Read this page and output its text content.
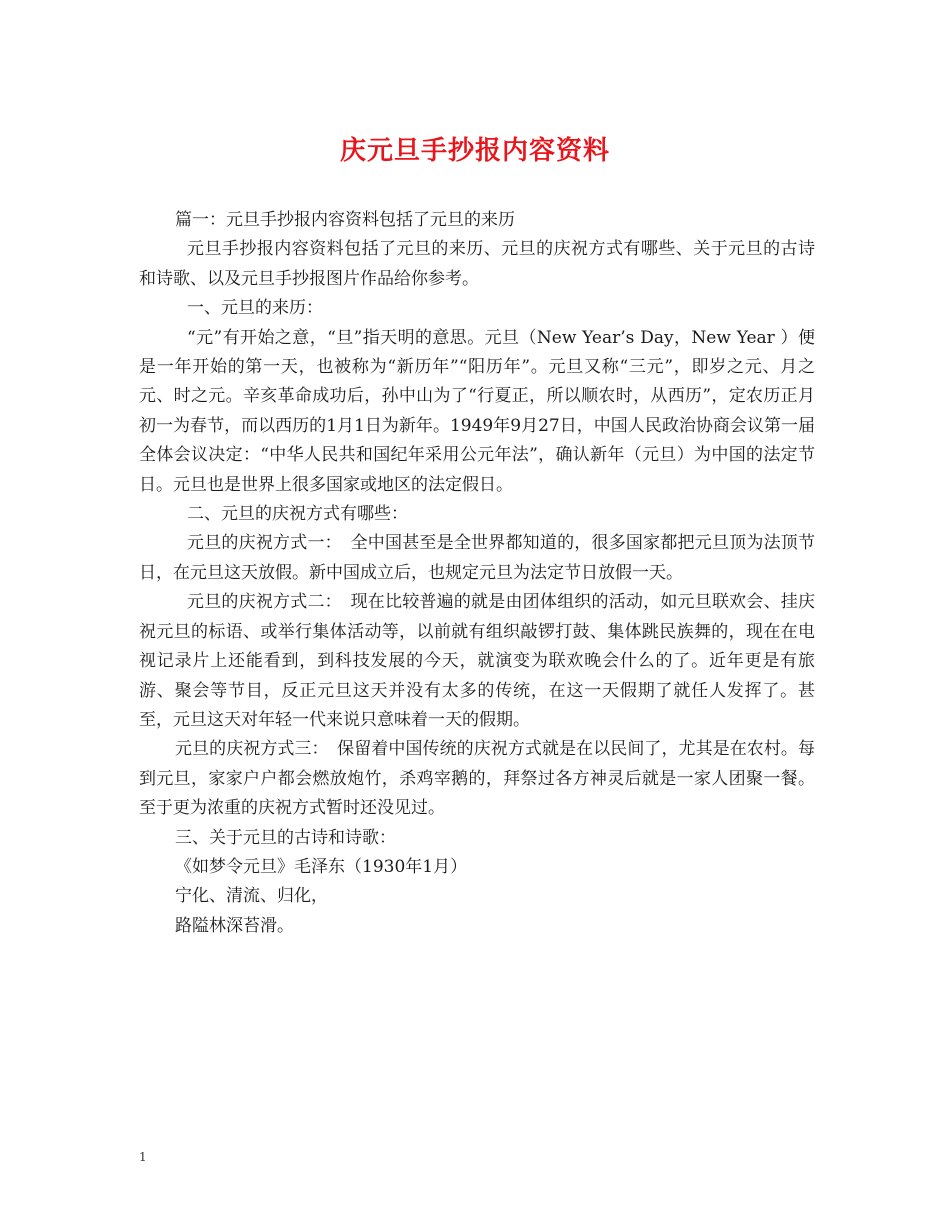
庆元旦手抄报内容资料

篇一：元旦手抄报内容资料包括了元旦的来历

元旦手抄报内容资料包括了元旦的来历、元旦的庆祝方式有哪些、关于元旦的古诗和诗歌、以及元旦手抄报图片作品给你参考。

一、元旦的来历：

“元”有开始之意，“旦”指天明的意思。元旦（New Year’s Day，New Year ）便是一年开始的第一天，也被称为“新历年”“阳历年”。元旦又称“三元”，即岁之元、月之元、时之元。辛亥革命成功后，孙中山为了“行夏正，所以顺农时，从西历”，定农历正月初一为春节，而以西历的1月1日为新年。1949年9月27日，中国人民政治协商会议第一届全体会议决定：“中华人民共和国纪年采用公元年法”，确认新年（元旦）为中国的法定节日。元旦也是世界上很多国家或地区的法定假日。

二、元旦的庆祝方式有哪些：

元旦的庆祝方式一：　全中国甚至是全世界都知道的，很多国家都把元旦顶为法顶节日，在元旦这天放假。新中国成立后，也规定元旦为法定节日放假一天。

元旦的庆祝方式二：　现在比较普遍的就是由团体组织的活动，如元旦联欢会、挂庆祝元旦的标语、或举行集体活动等，以前就有组织敲锣打鼓、集体跳民族舞的，现在在电视记录片上还能看到，到科技发展的今天，就演变为联欢晚会什么的了。近年更是有旅游、聚会等节目，反正元旦这天并没有太多的传统，在这一天假期了就任人发挥了。甚至，元旦这天对年轻一代来说只意味着一天的假期。

元旦的庆祝方式三：　保留着中国传统的庆祝方式就是在以民间了，尤其是在农村。每到元旦，家家户户都会燃放炮竹，杀鸡宰鹅的，拜祭过各方神灵后就是一家人团聚一餐。至于更为浓重的庆祝方式暂时还没见过。

三、关于元旦的古诗和诗歌：

《如梦令元旦》毛泽东（1930年1月）

宁化、清流、归化，

路隘林深苔滑。

1
